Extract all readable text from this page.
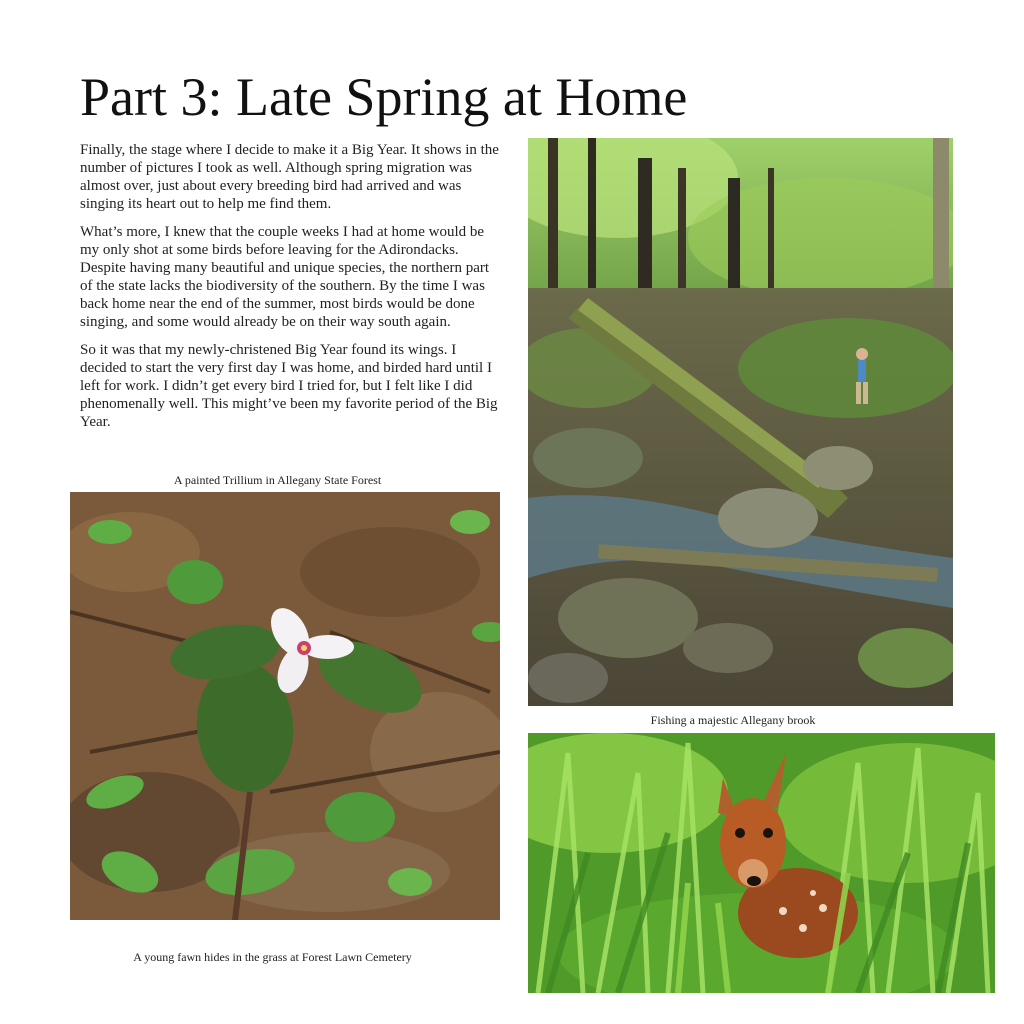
Part 3: Late Spring at Home

Finally, the stage where I decide to make it a Big Year. It shows in the number of pictures I took as well. Although spring migration was almost over, just about every breeding bird had arrived and was singing its heart out to help me find them.

What’s more, I knew that the couple weeks I had at home would be my only shot at some birds before leaving for the Adirondacks. Despite having many beautiful and unique species, the northern part of the state lacks the biodiversity of the southern. By the time I was back home near the end of the summer, most birds would be done singing, and some would already be on their way south again.

So it was that my newly-christened Big Year found its wings. I decided to start the very first day I was home, and birded hard until I left for work. I didn’t get every bird I tried for, but I felt like I did phenomenally well. This might’ve been my favorite period of the Big Year.

Fishing a majestic Allegany brook
A painted Trillium in Allegany State Forest
A young fawn hides in the grass at Forest Lawn Cemetery
